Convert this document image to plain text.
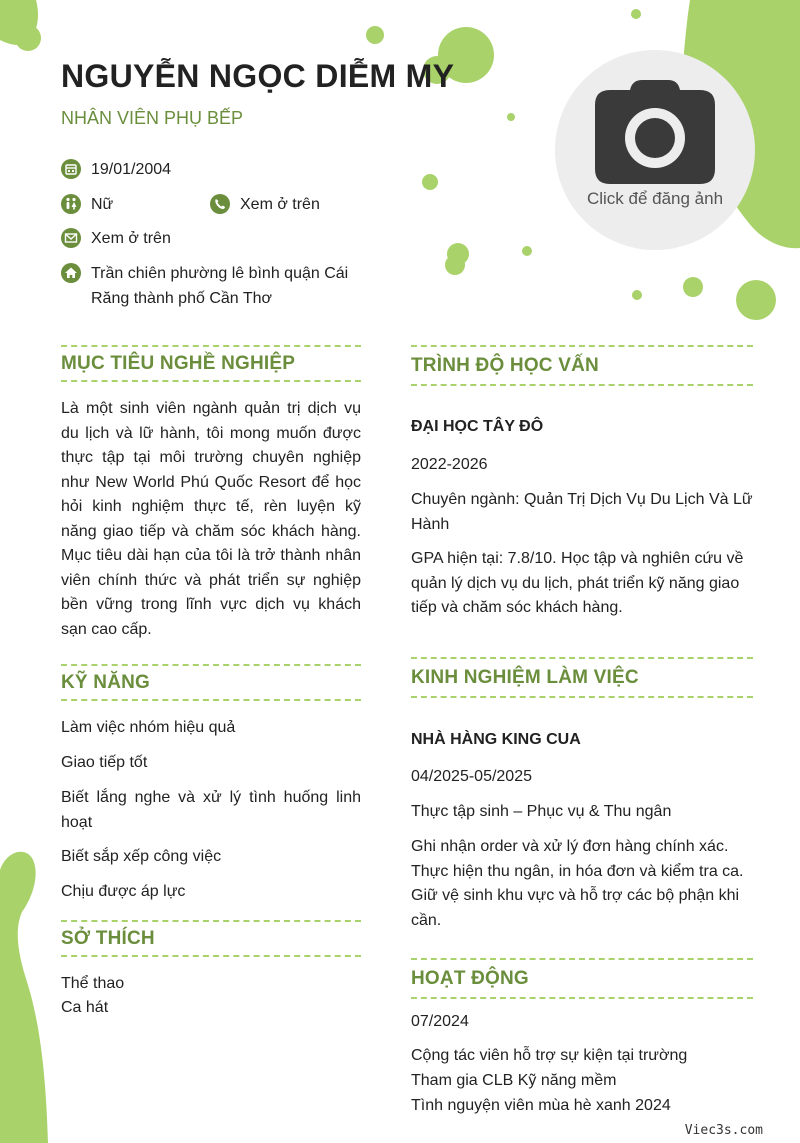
NGUYỄN NGỌC DIỄM MY
NHÂN VIÊN PHỤ BẾP
19/01/2004
Nữ	Xem ở trên
Xem ở trên
Trần chiên phường lê bình quận Cái Răng thành phố Cần Thơ
Click để đăng ảnh
MỤC TIÊU NGHỀ NGHIỆP
Là một sinh viên ngành quản trị dịch vụ du lịch và lữ hành, tôi mong muốn được thực tập tại môi trường chuyên nghiệp như New World Phú Quốc Resort để học hỏi kinh nghiệm thực tế, rèn luyện kỹ năng giao tiếp và chăm sóc khách hàng. Mục tiêu dài hạn của tôi là trở thành nhân viên chính thức và phát triển sự nghiệp bền vững trong lĩnh vực dịch vụ khách sạn cao cấp.
KỸ NĂNG
Làm việc nhóm hiệu quả
Giao tiếp tốt
Biết lắng nghe và xử lý tình huống linh hoạt
Biết sắp xếp công việc
Chịu được áp lực
SỞ THÍCH
Thể thao
Ca hát
TRÌNH ĐỘ HỌC VẤN
ĐẠI HỌC TÂY ĐÔ
2022-2026
Chuyên ngành: Quản Trị Dịch Vụ Du Lịch Và Lữ Hành
GPA hiện tại: 7.8/10. Học tập và nghiên cứu về quản lý dịch vụ du lịch, phát triển kỹ năng giao tiếp và chăm sóc khách hàng.
KINH NGHIỆM LÀM VIỆC
NHÀ HÀNG KING CUA
04/2025-05/2025
Thực tập sinh – Phục vụ & Thu ngân
Ghi nhận order và xử lý đơn hàng chính xác. Thực hiện thu ngân, in hóa đơn và kiểm tra ca. Giữ vệ sinh khu vực và hỗ trợ các bộ phận khi cần.
HOẠT ĐỘNG
07/2024
Cộng tác viên hỗ trợ sự kiện tại trường
Tham gia CLB Kỹ năng mềm
Tình nguyện viên mùa hè xanh 2024
Viec3s.com
